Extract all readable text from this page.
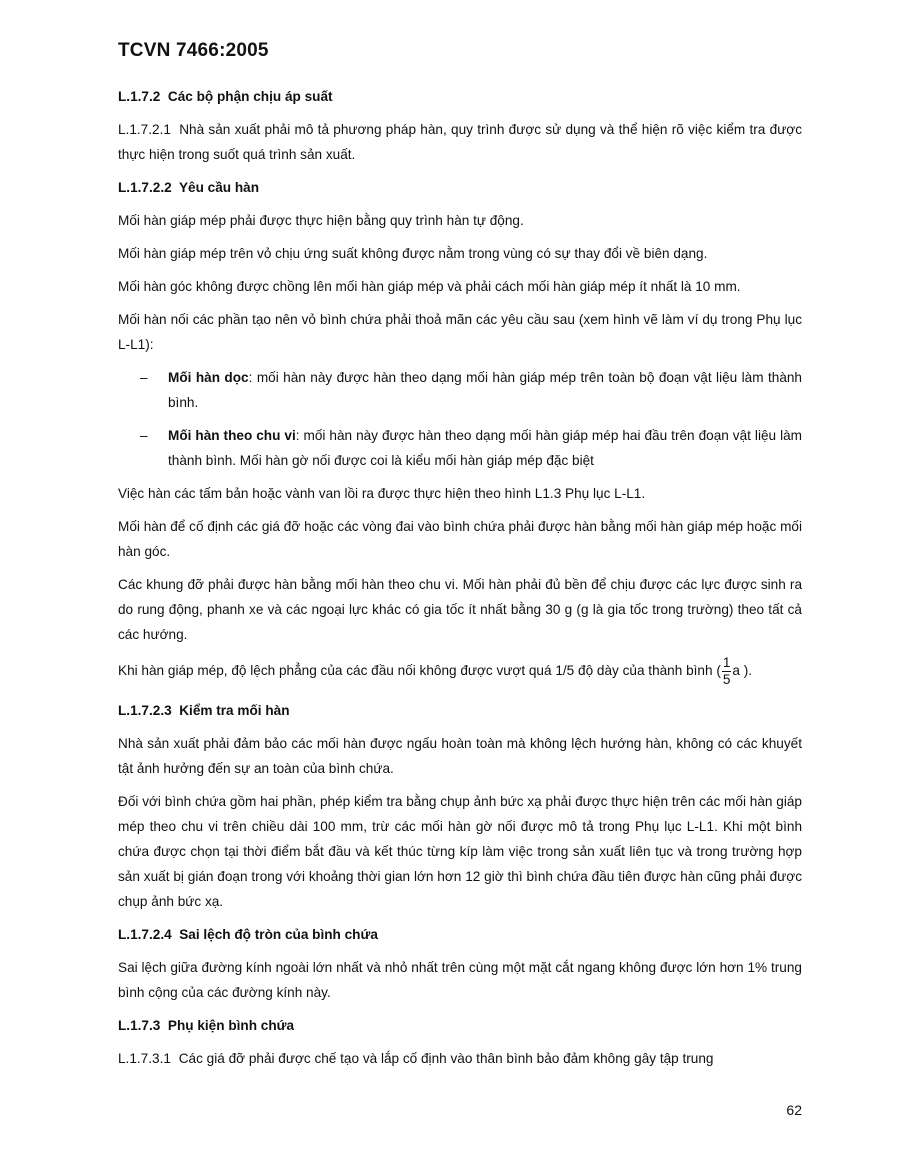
TCVN 7466:2005
L.1.7.2 Các bộ phận chịu áp suất

L.1.7.2.1 Nhà sản xuất phải mô tả phương pháp hàn, quy trình được sử dụng và thể hiện rõ việc kiểm tra được thực hiện trong suốt quá trình sản xuất.

L.1.7.2.2 Yêu cầu hàn

Mối hàn giáp mép phải được thực hiện bằng quy trình hàn tự động.

Mối hàn giáp mép trên vỏ chịu ứng suất không được nằm trong vùng có sự thay đổi về biên dạng.

Mối hàn góc không được chồng lên mối hàn giáp mép và phải cách mối hàn giáp mép ít nhất là 10 mm.

Mối hàn nối các phần tạo nên vỏ bình chứa phải thoả mãn các yêu cầu sau (xem hình vẽ làm ví dụ trong Phụ lục L-L1):

– Mối hàn dọc: mối hàn này được hàn theo dạng mối hàn giáp mép trên toàn bộ đoạn vật liệu làm thành bình.
– Mối hàn theo chu vi: mối hàn này được hàn theo dạng mối hàn giáp mép hai đầu trên đoạn vật liệu làm thành bình. Mối hàn gờ nối được coi là kiểu mối hàn giáp mép đặc biệt

Việc hàn các tấm bản hoặc vành van lồi ra được thực hiện theo hình L1.3 Phụ lục L-L1.

Mối hàn để cố định các giá đỡ hoặc các vòng đai vào bình chứa phải được hàn bằng mối hàn giáp mép hoặc mối hàn góc.

Các khung đỡ phải được hàn bằng mối hàn theo chu vi. Mối hàn phải đủ bền để chịu được các lực được sinh ra do rung động, phanh xe và các ngoại lực khác có gia tốc ít nhất bằng 30 g (g là gia tốc trong trường) theo tất cả các hướng.

Khi hàn giáp mép, độ lệch phẳng của các đầu nối không được vượt quá 1/5 độ dày của thành bình ( $\frac{1}{5}$ a ).

L.1.7.2.3 Kiểm tra mối hàn

Nhà sản xuất phải đảm bảo các mối hàn được ngấu hoàn toàn mà không lệch hướng hàn, không có các khuyết tật ảnh hưởng đến sự an toàn của bình chứa.

Đối với bình chứa gồm hai phần, phép kiểm tra bằng chụp ảnh bức xạ phải được thực hiện trên các mối hàn giáp mép theo chu vi trên chiều dài 100 mm, trừ các mối hàn gờ nối được mô tả trong Phụ lục L-L1. Khi một bình chứa được chọn tại thời điểm bắt đầu và kết thúc từng kíp làm việc trong sản xuất liên tục và trong trường hợp sản xuất bị gián đoạn trong với khoảng thời gian lớn hơn 12 giờ thì bình chứa đầu tiên được hàn cũng phải được chụp ảnh bức xạ.

L.1.7.2.4 Sai lệch độ tròn của bình chứa

Sai lệch giữa đường kính ngoài lớn nhất và nhỏ nhất trên cùng một mặt cắt ngang không được lớn hơn 1% trung bình cộng của các đường kính này.

L.1.7.3 Phụ kiện bình chứa

L.1.7.3.1 Các giá đỡ phải được chế tạo và lắp cố định vào thân bình bảo đảm không gây tập trung

62
